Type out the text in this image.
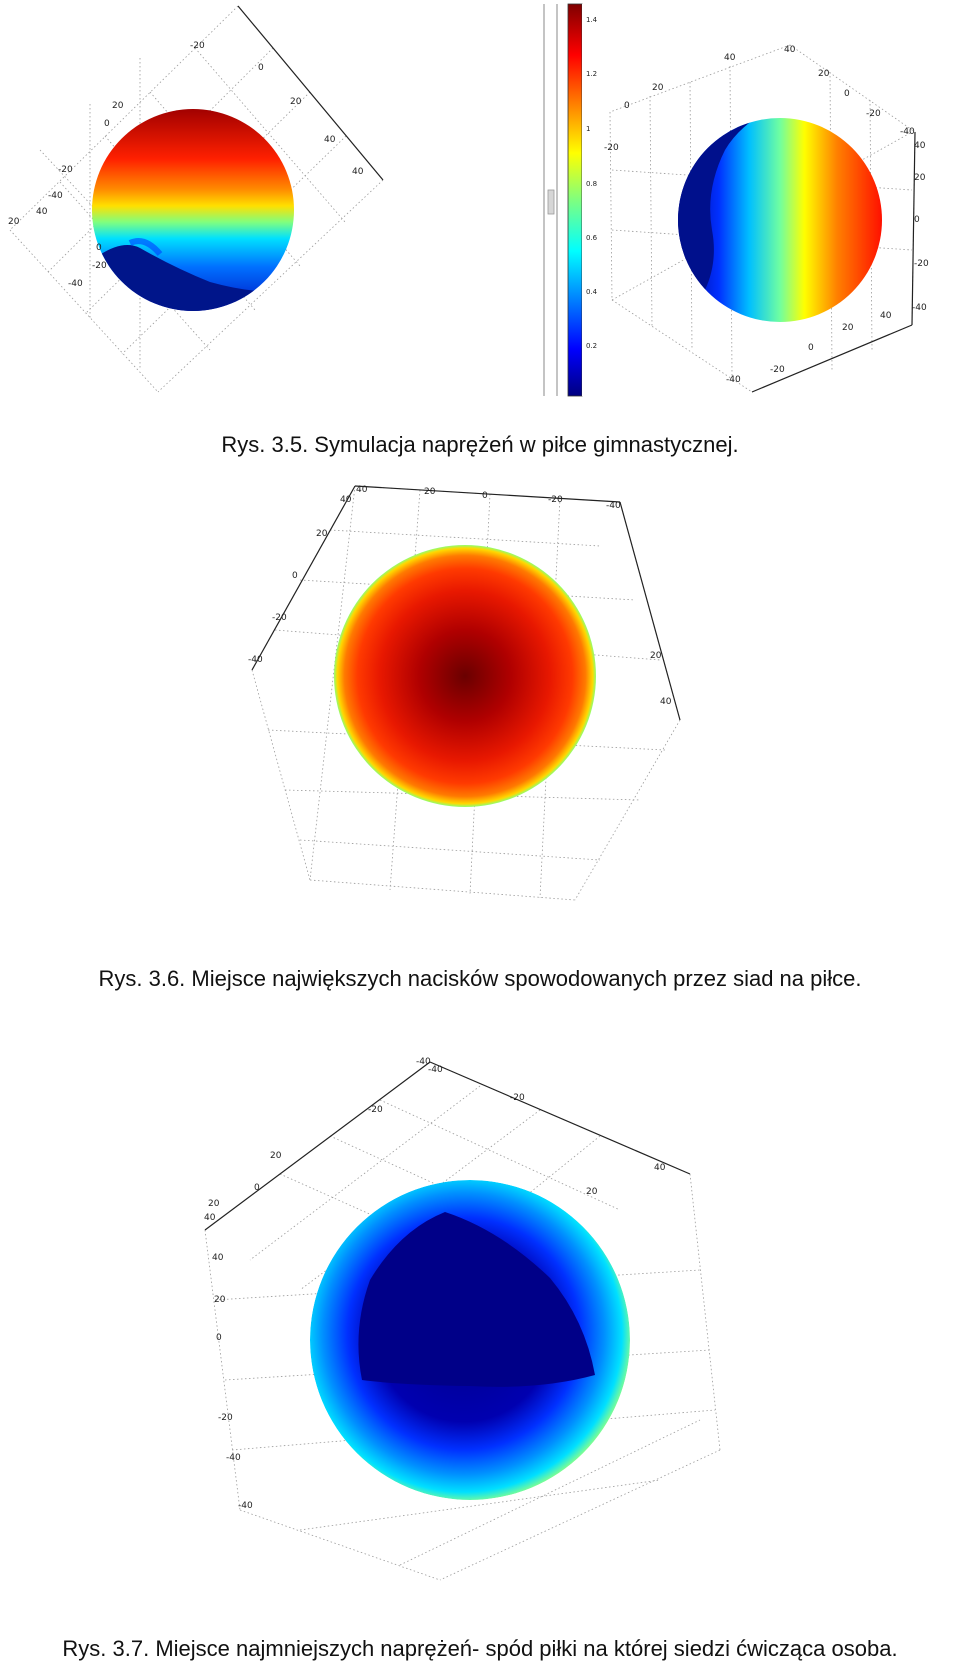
1.4
1.2
1
0.8
0.6
0.4
0.2
-20
0
20
40
40
20
0
-20
-40
40
20
0
-20
-40
40
20
0
-20
-40
40
20
0
-20
-40
-40
-20
0
20
40
40
20
0
-20
Rys. 3.5. Symulacja naprężeń w piłce gimnastycznej.
40	20	0	-20
-40
40
20
0
-20
-40	20
40
Rys. 3.6. Miejsce największych nacisków spowodowanych przez siad na piłce.
-40
-40
-20
-20
0	20
40
20
40
40
20
0
-20
-40
20
-40
Rys. 3.7. Miejsce najmniejszych naprężeń- spód piłki na której siedzi ćwicząca osoba.
